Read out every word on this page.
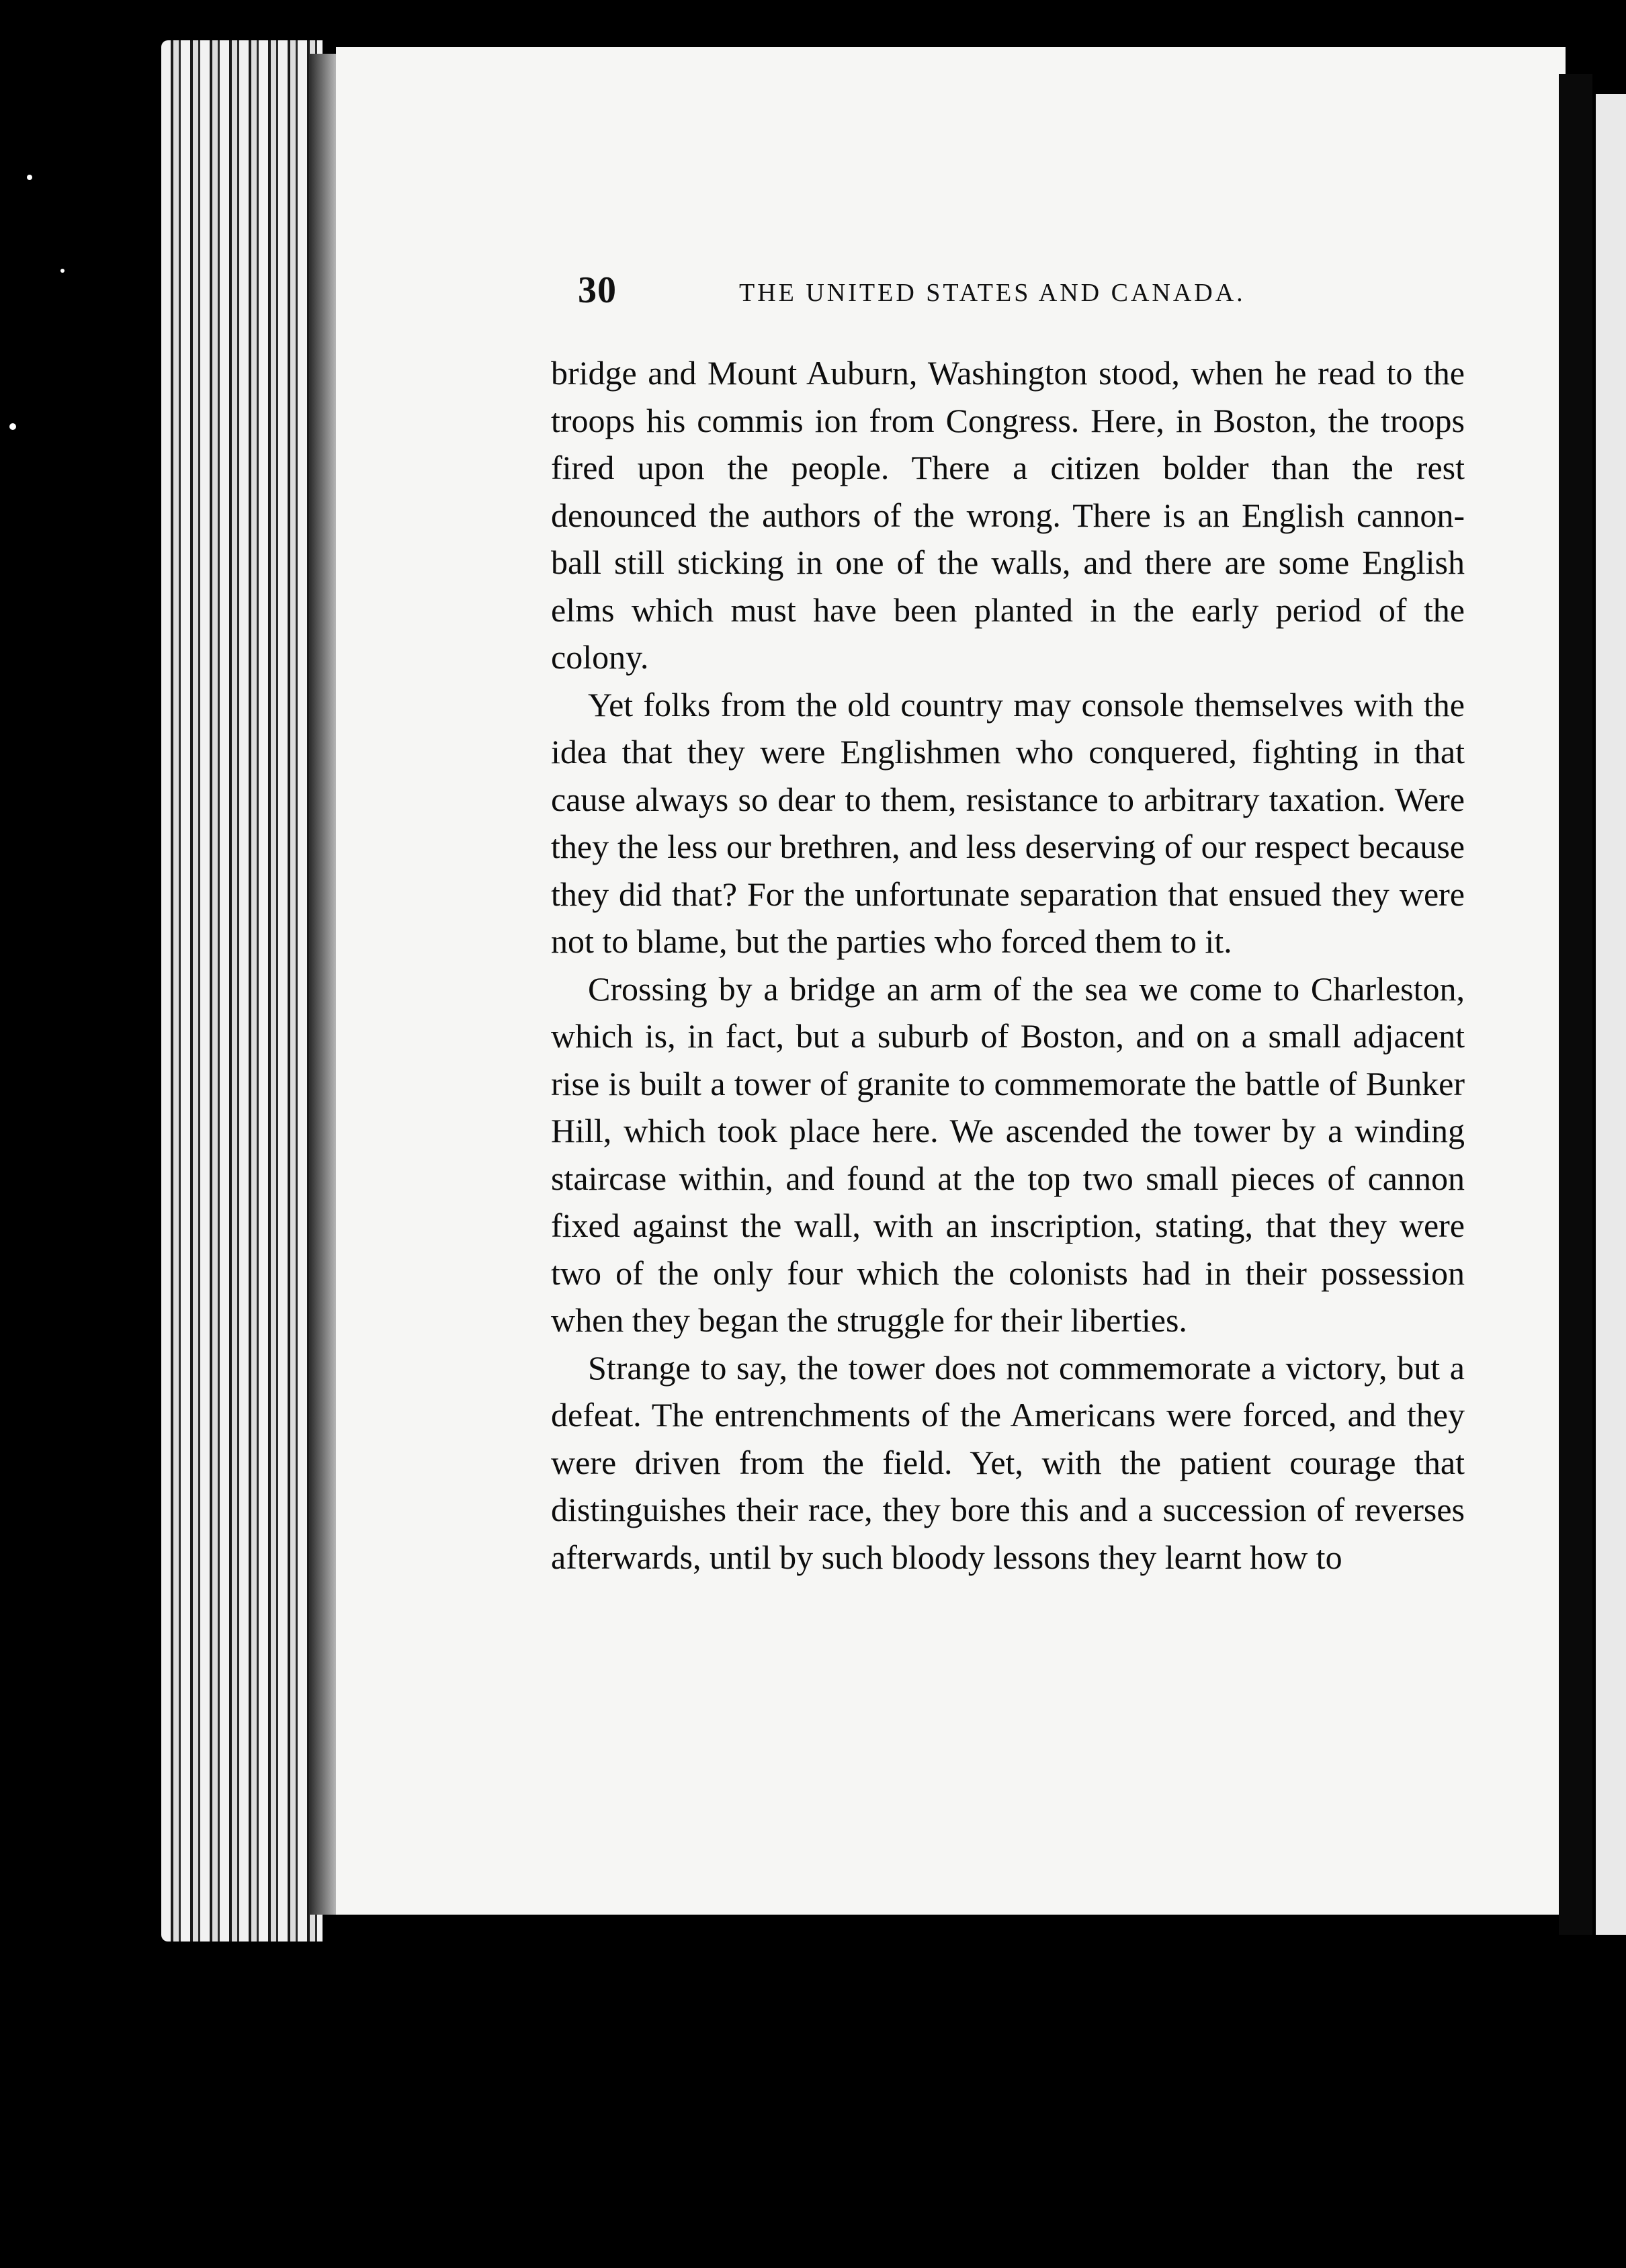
30	THE UNITED STATES AND CANADA.

bridge and Mount Auburn, Washington stood, when he read to the troops his commis ion from Congress. Here, in Boston, the troops fired upon the people. There a citizen bolder than the rest denounced the authors of the wrong. There is an English cannon-ball still sticking in one of the walls, and there are some English elms which must have been planted in the early period of the colony.

Yet folks from the old country may console themselves with the idea that they were Englishmen who conquered, fighting in that cause always so dear to them, resistance to arbitrary taxation. Were they the less our brethren, and less deserving of our respect because they did that? For the unfortunate separation that ensued they were not to blame, but the parties who forced them to it.

Crossing by a bridge an arm of the sea we come to Charleston, which is, in fact, but a suburb of Boston, and on a small adjacent rise is built a tower of granite to commemorate the battle of Bunker Hill, which took place here. We ascended the tower by a winding staircase within, and found at the top two small pieces of cannon fixed against the wall, with an inscription, stating, that they were two of the only four which the colonists had in their possession when they began the struggle for their liberties.

Strange to say, the tower does not commemorate a victory, but a defeat. The entrenchments of the Americans were forced, and they were driven from the field. Yet, with the patient courage that distinguishes their race, they bore this and a succession of reverses afterwards, until by such bloody lessons they learnt how to
